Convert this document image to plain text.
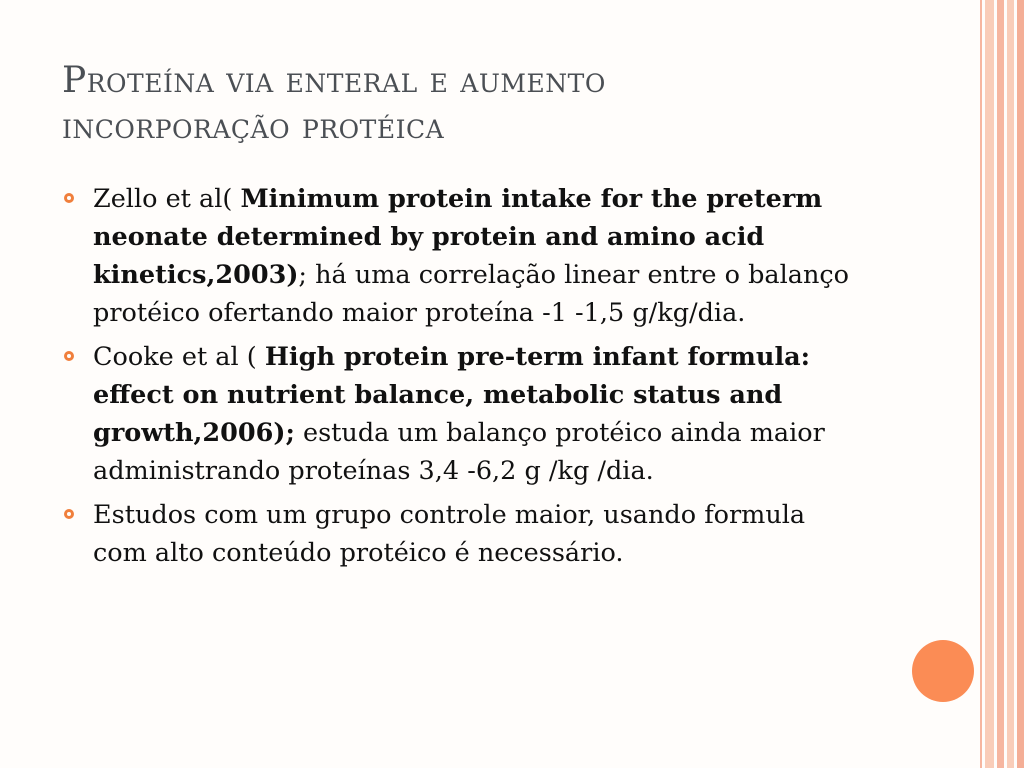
Proteína via enteral e aumento
incorporação protéica
Zello et al( Minimum protein intake for the preterm neonate determined by protein and amino acid kinetics,2003); há uma correlação linear entre o balanço protéico ofertando maior proteína -1 -1,5 g/kg/dia.
Cooke et al ( High protein pre-term infant formula: effect on nutrient balance, metabolic status and growth,2006); estuda um balanço protéico ainda maior administrando proteínas 3,4 -6,2 g /kg /dia.
Estudos com um grupo controle maior, usando formula com alto conteúdo protéico é necessário.
